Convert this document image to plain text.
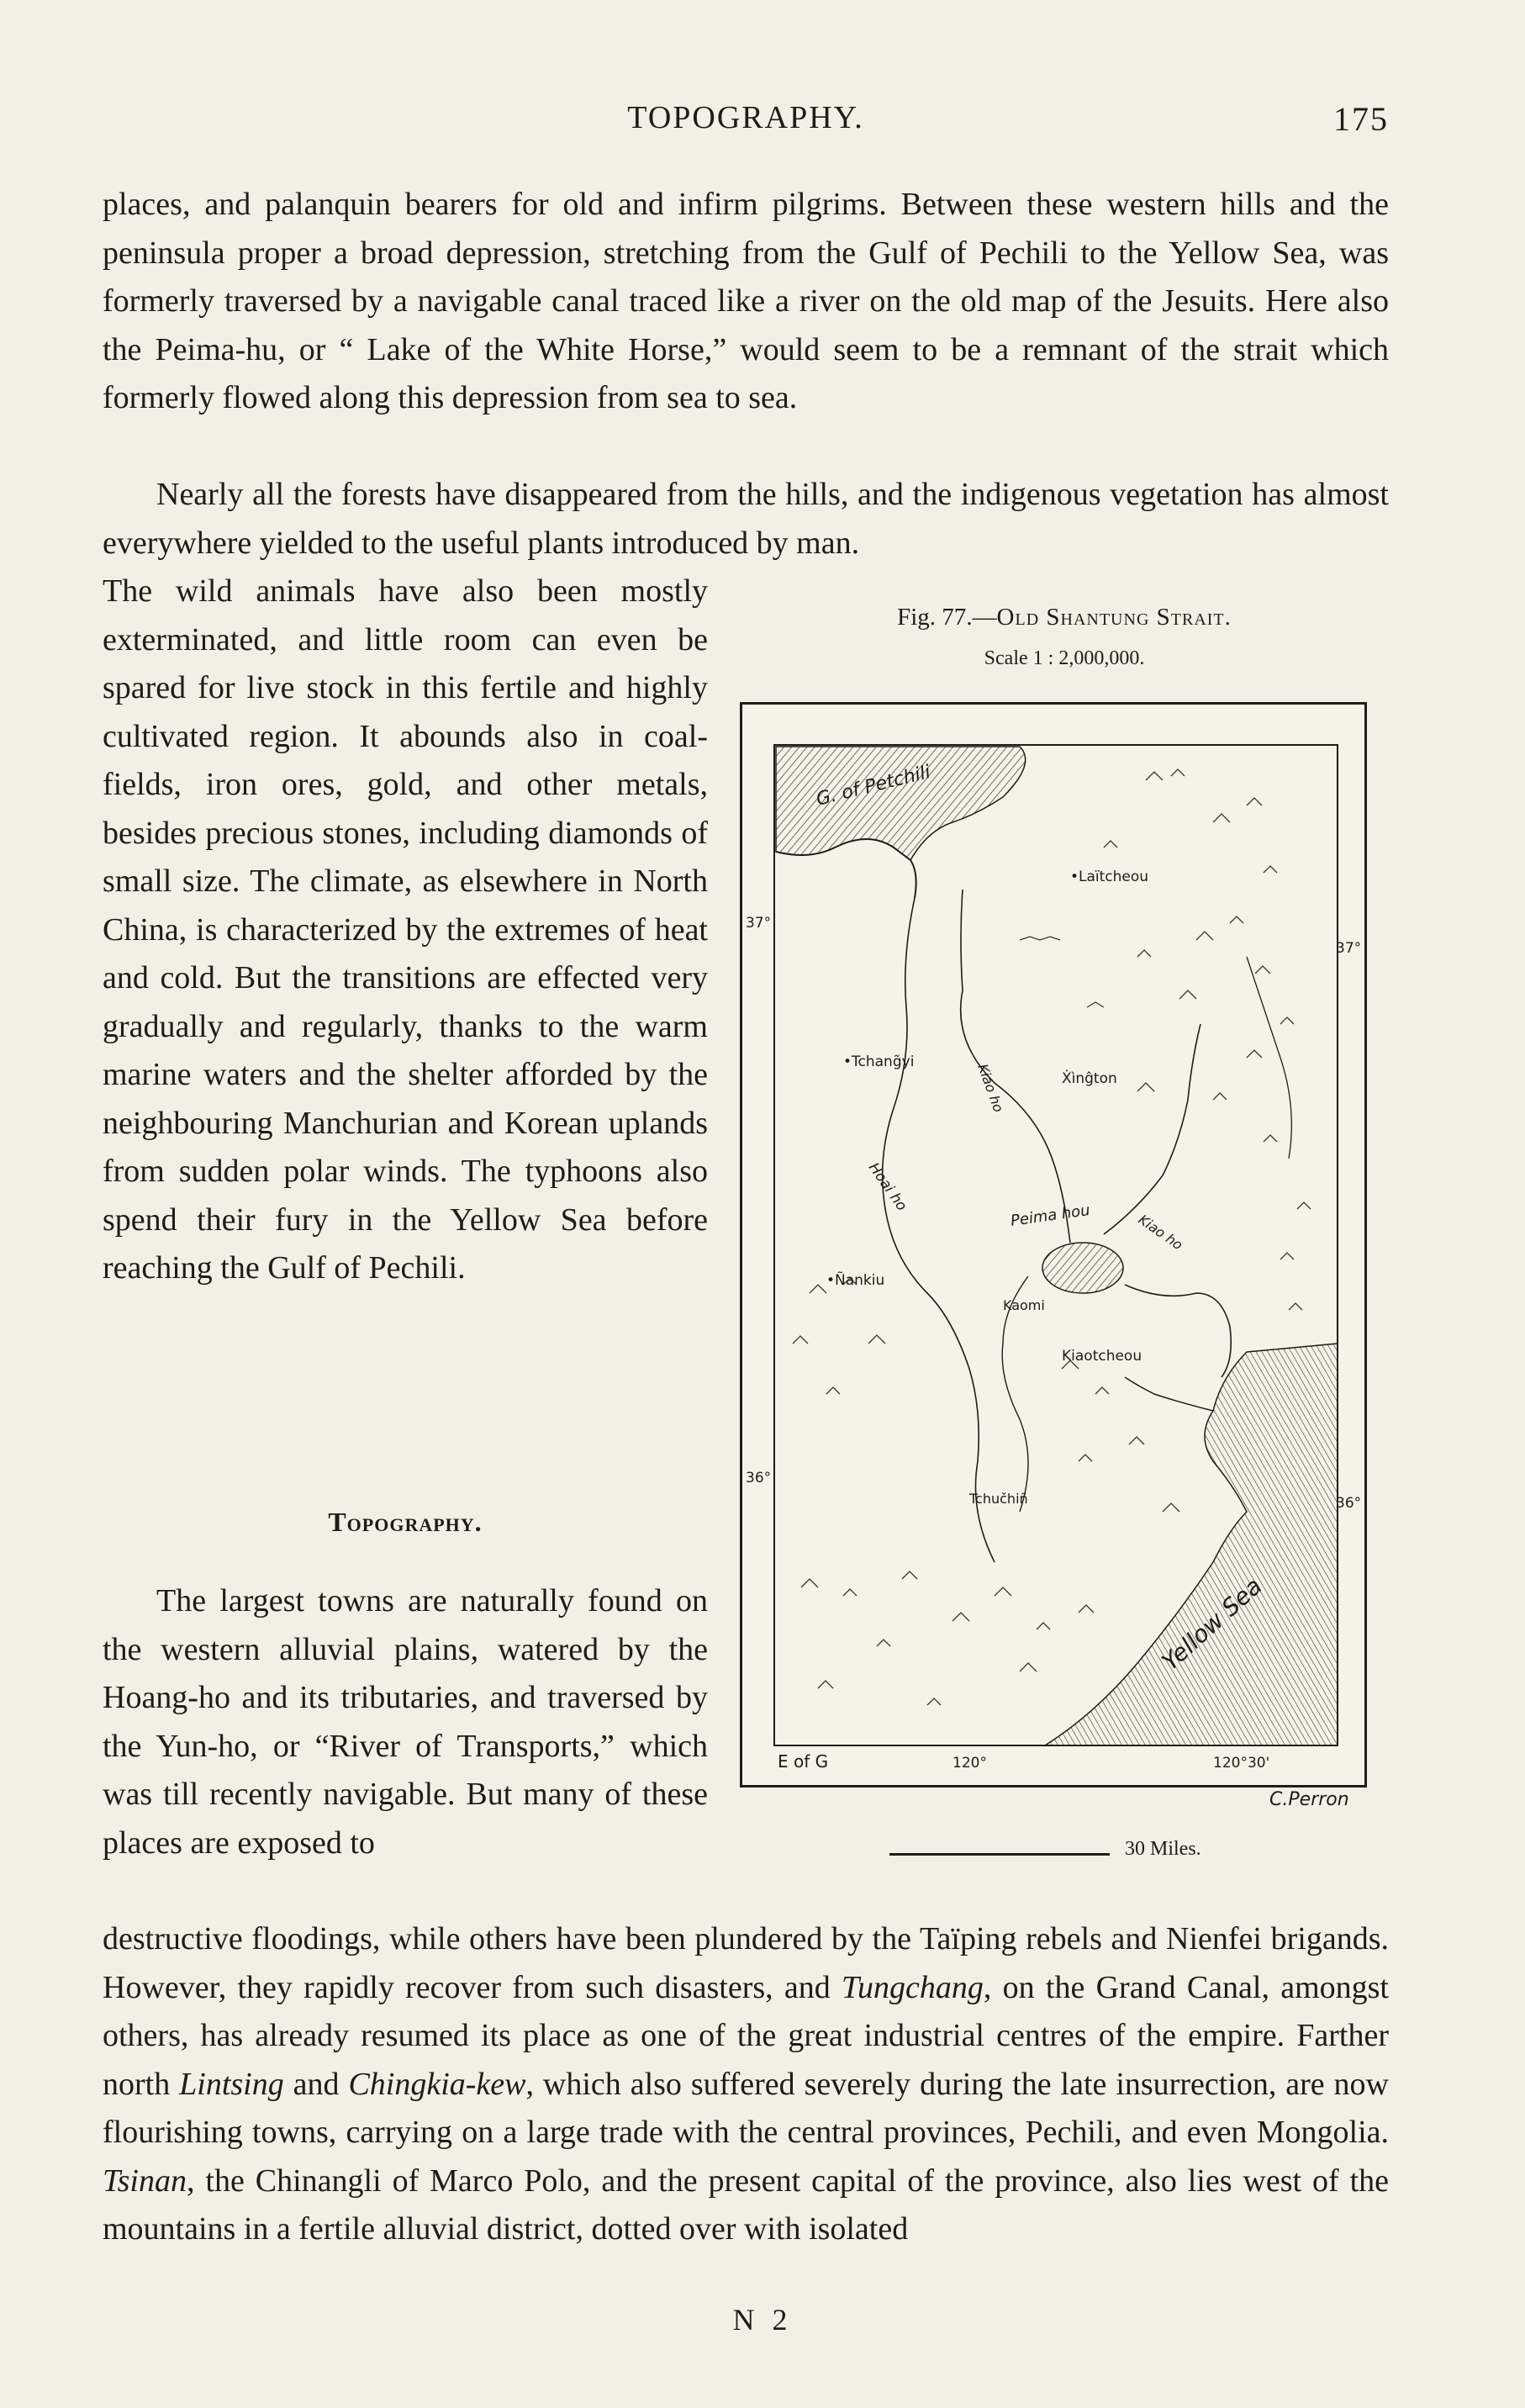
TOPOGRAPHY.	175

places, and palanquin bearers for old and infirm pilgrims. Between these western hills and the peninsula proper a broad depression, stretching from the Gulf of Pechili to the Yellow Sea, was formerly traversed by a navigable canal traced like a river on the old map of the Jesuits. Here also the Peima-hu, or “ Lake of the White Horse,” would seem to be a remnant of the strait which formerly flowed along this depression from sea to sea.

Nearly all the forests have disappeared from the hills, and the indigenous vegetation has almost everywhere yielded to the useful plants introduced by man.

The wild animals have also been mostly exterminated, and little room can even be spared for live stock in this fertile and highly cultivated region. It abounds also in coal-fields, iron ores, gold, and other metals, besides precious stones, including diamonds of small size. The climate, as elsewhere in North China, is characterized by the extremes of heat and cold. But the transitions are effected very gradually and regularly, thanks to the warm marine waters and the shelter afforded by the neighbouring Manchurian and Korean uplands from sudden polar winds. The typhoons also spend their fury in the Yellow Sea before reaching the Gulf of Pechili.

Topography.

The largest towns are naturally found on the western alluvial plains, watered by the Hoang-ho and its tributaries, and traversed by the Yun-ho, or “River of Transports,” which was till recently navigable. But many of these places are exposed to

destructive floodings, while others have been plundered by the Taïping rebels and Nienfei brigands. However, they rapidly recover from such disasters, and Tungchang, on the Grand Canal, amongst others, has already resumed its place as one of the great industrial centres of the empire. Farther north Lintsing and Chingkia-kew, which also suffered severely during the late insurrection, are now flourishing towns, carrying on a large trade with the central provinces, Pechili, and even Mongolia. Tsinan, the Chinangli of Marco Polo, and the present capital of the province, also lies west of the mountains in a fertile alluvial district, dotted over with isolated

Fig. 77.—Old Shantung Strait.
Scale 1 : 2,000,000.
G. of Petchili
•Laïtcheou
•Tchang̃yi
Ẋìnĝton
Kiao ho
Hoai ho
Peima hou	Kiao ho
•Ñankiu
Kaomi
Kiaotcheou
Tchučhiñ
Yellow Sea
37°
37°
36°
36°
E of G	120°	120°30'
C.Perron
30 Miles.
N 2
